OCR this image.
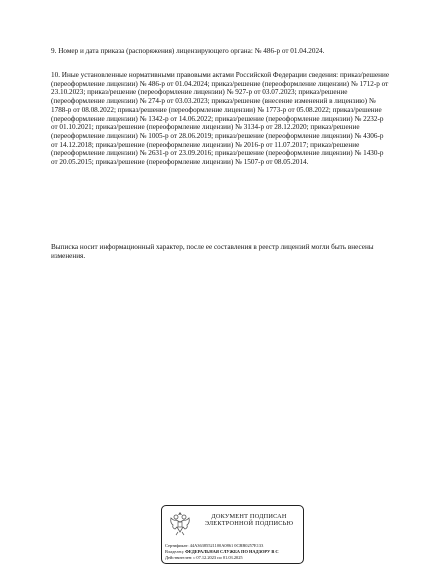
9. Номер и дата приказа (распоряжения) лицензирующего органа: № 486-р от 01.04.2024.

10. Иные установленные нормативными правовыми актами Российской Федерации сведения: приказ/решение (переоформление лицензии) № 486-р от 01.04.2024; приказ/решение (переоформление лицензии) № 1712-р от 23.10.2023; приказ/решение (переоформление лицензии) № 927-р от 03.07.2023; приказ/решение (переоформление лицензии) № 274-р от 03.03.2023; приказ/решение (внесение изменений в лицензию) № 1788-р от 08.08.2022; приказ/решение (переоформление лицензии) № 1773-р от 05.08.2022; приказ/решение (переоформление лицензии) № 1342-р от 14.06.2022; приказ/решение (переоформление лицензии) № 2232-р от 01.10.2021; приказ/решение (переоформление лицензии) № 3134-р от 28.12.2020; приказ/решение (переоформление лицензии) № 1005-р от 28.06.2019; приказ/решение (переоформление лицензии) № 4306-р от 14.12.2018; приказ/решение (переоформление лицензии) № 2016-р от 11.07.2017; приказ/решение (переоформление лицензии) № 2631-р от 23.09.2016; приказ/решение (переоформление лицензии) № 1430-р от 20.05.2015; приказ/решение (переоформление лицензии) № 1507-р от 08.05.2014.

Выписка носит информационный характер, после ее составления в реестр лицензий могли быть внесены изменения.

ДОКУМЕНТ ПОДПИСАН
ЭЛЕКТРОННОЙ ПОДПИСЬЮ
Сертификат: 44A36385521100A0861 0CBB0257E133
Владелец: ФЕДЕРАЛЬНАЯ СЛУЖБА ПО НАДЗОРУ В С
Действителен: с 07.12.2023 по 01.03.2025
